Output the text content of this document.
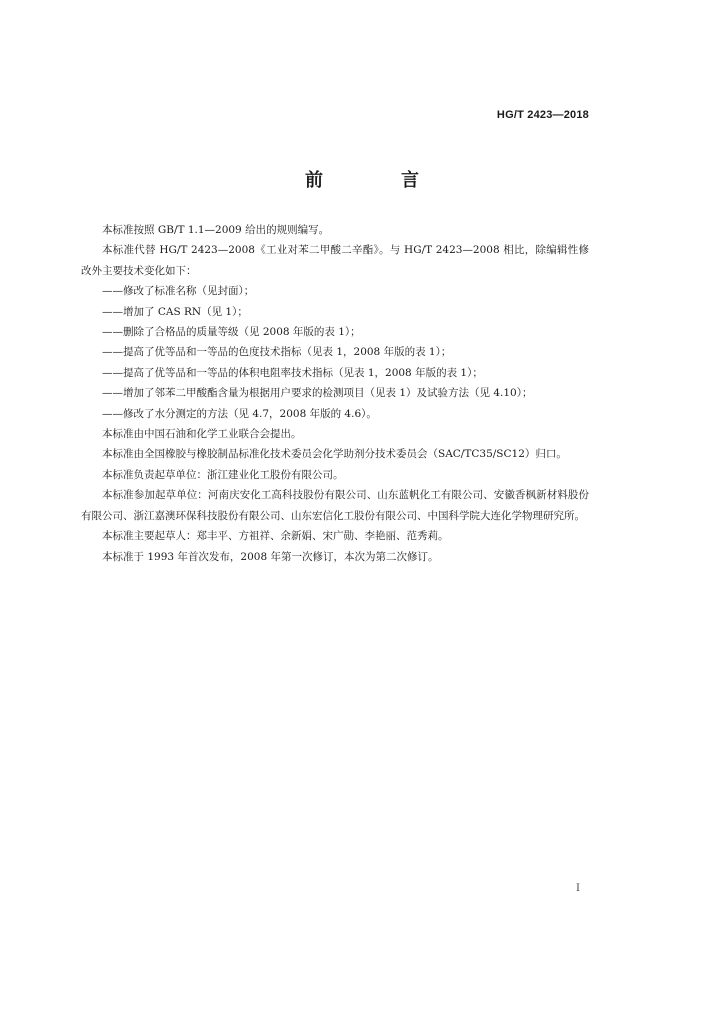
HG/T 2423—2018
前　言

本标准按照 GB/T 1.1—2009 给出的规则编写。

本标准代替 HG/T 2423—2008《工业对苯二甲酸二辛酯》。与 HG/T 2423—2008 相比，除编辑性修改外主要技术变化如下：

——修改了标准名称（见封面）；

——增加了 CAS RN（见 1）；

——删除了合格品的质量等级（见 2008 年版的表 1）；

——提高了优等品和一等品的色度技术指标（见表 1，2008 年版的表 1）；

——提高了优等品和一等品的体积电阻率技术指标（见表 1，2008 年版的表 1）；

——增加了邻苯二甲酸酯含量为根据用户要求的检测项目（见表 1）及试验方法（见 4.10）；

——修改了水分测定的方法（见 4.7，2008 年版的 4.6）。

本标准由中国石油和化学工业联合会提出。

本标准由全国橡胶与橡胶制品标准化技术委员会化学助剂分技术委员会（SAC/TC35/SC12）归口。

本标准负责起草单位：浙江建业化工股份有限公司。

本标准参加起草单位：河南庆安化工高科技股份有限公司、山东蓝帆化工有限公司、安徽香枫新材料股份有限公司、浙江嘉澳环保科技股份有限公司、山东宏信化工股份有限公司、中国科学院大连化学物理研究所。

本标准主要起草人：郑丰平、方祖祥、余新娟、宋广勋、李艳丽、范秀莉。

本标准于 1993 年首次发布，2008 年第一次修订，本次为第二次修订。

I
